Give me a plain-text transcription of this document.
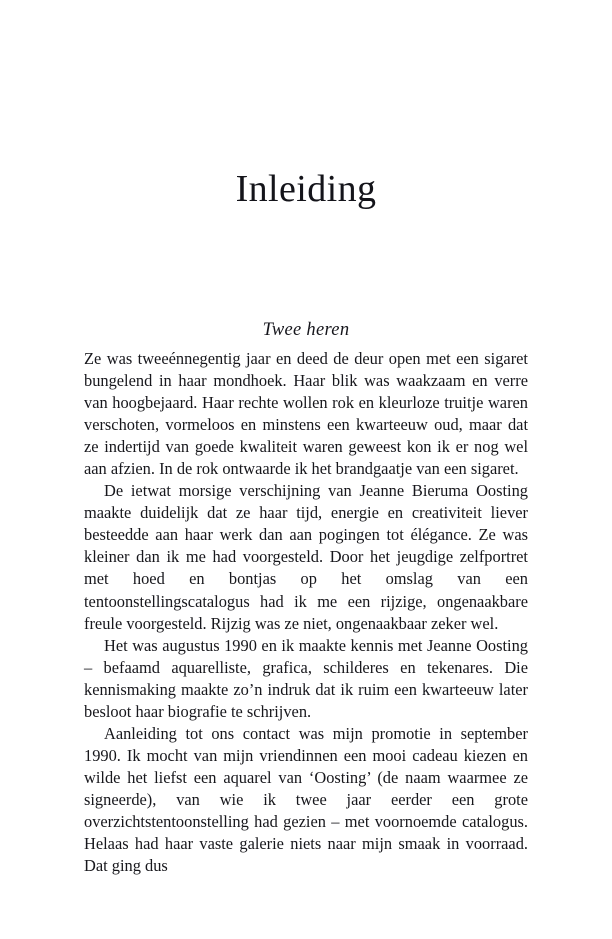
Inleiding
Twee heren

Ze was tweeénnegentig jaar en deed de deur open met een sigaret bungelend in haar mondhoek. Haar blik was waakzaam en verre van hoogbejaard. Haar rechte wollen rok en kleurloze truitje waren verschoten, vormeloos en minstens een kwarteeuw oud, maar dat ze indertijd van goede kwaliteit waren geweest kon ik er nog wel aan afzien. In de rok ontwaarde ik het brandgaatje van een sigaret.

De ietwat morsige verschijning van Jeanne Bieruma Oosting maakte duidelijk dat ze haar tijd, energie en creativiteit liever besteedde aan haar werk dan aan pogingen tot élégance. Ze was kleiner dan ik me had voorgesteld. Door het jeugdige zelfportret met hoed en bontjas op het omslag van een tentoonstellingscatalogus had ik me een rijzige, ongenaakbare freule voorgesteld. Rijzig was ze niet, ongenaakbaar zeker wel.

Het was augustus 1990 en ik maakte kennis met Jeanne Oosting – befaamd aquarelliste, grafica, schilderes en tekenares. Die kennismaking maakte zo’n indruk dat ik ruim een kwarteeuw later besloot haar biografie te schrijven.

Aanleiding tot ons contact was mijn promotie in september 1990. Ik mocht van mijn vriendinnen een mooi cadeau kiezen en wilde het liefst een aquarel van ‘Oosting’ (de naam waarmee ze signeerde), van wie ik twee jaar eerder een grote overzichtstentoonstelling had gezien – met voornoemde catalogus. Helaas had haar vaste galerie niets naar mijn smaak in voorraad. Dat ging dus
